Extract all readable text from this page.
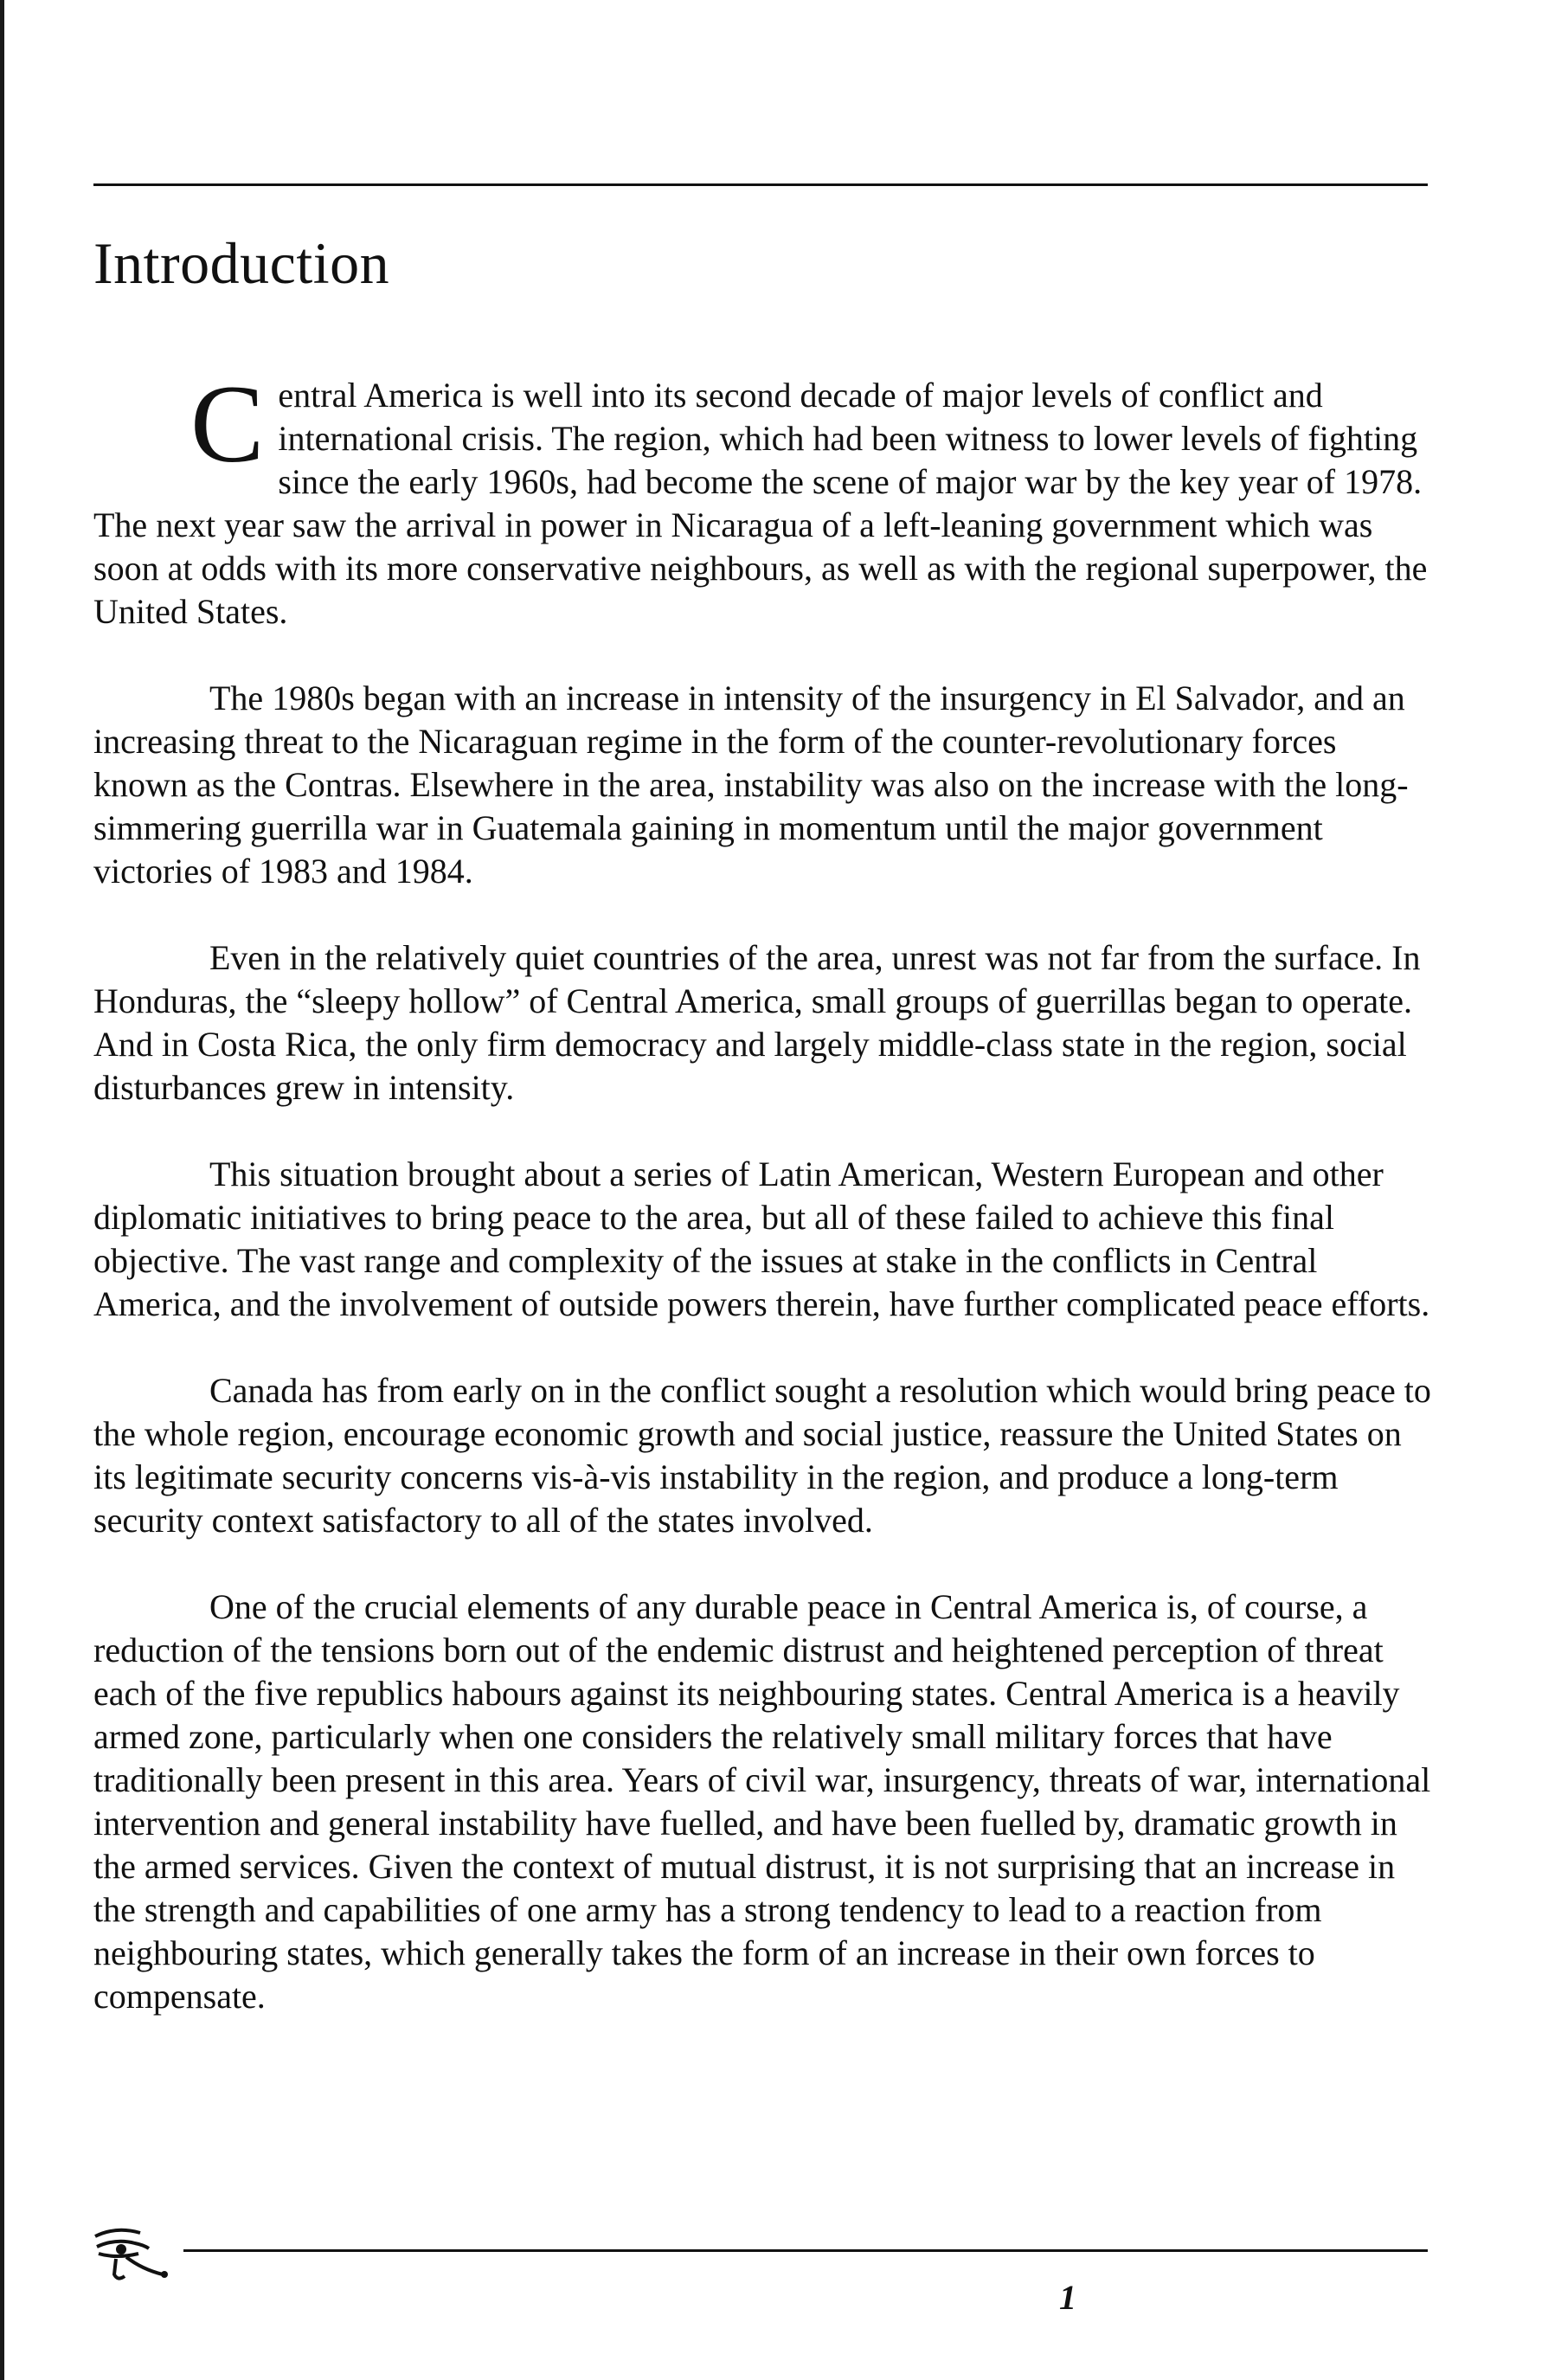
Introduction

Central America is well into its second decade of major levels of conflict and international crisis. The region, which had been witness to lower levels of fighting since the early 1960s, had become the scene of major war by the key year of 1978. The next year saw the arrival in power in Nicaragua of a left-leaning government which was soon at odds with its more conservative neighbours, as well as with the regional superpower, the United States.

The 1980s began with an increase in intensity of the insurgency in El Salvador, and an increasing threat to the Nicaraguan regime in the form of the counter-revolutionary forces known as the Contras. Elsewhere in the area, instability was also on the increase with the long-simmering guerrilla war in Guatemala gaining in momentum until the major government victories of 1983 and 1984.

Even in the relatively quiet countries of the area, unrest was not far from the surface. In Honduras, the “sleepy hollow” of Central America, small groups of guerrillas began to operate. And in Costa Rica, the only firm democracy and largely middle-class state in the region, social disturbances grew in intensity.

This situation brought about a series of Latin American, Western European and other diplomatic initiatives to bring peace to the area, but all of these failed to achieve this final objective. The vast range and complexity of the issues at stake in the conflicts in Central America, and the involvement of outside powers therein, have further complicated peace efforts.

Canada has from early on in the conflict sought a resolution which would bring peace to the whole region, encourage economic growth and social justice, reassure the United States on its legitimate security concerns vis-à-vis instability in the region, and produce a long-term security context satisfactory to all of the states involved.

One of the crucial elements of any durable peace in Central America is, of course, a reduction of the tensions born out of the endemic distrust and heightened perception of threat each of the five republics habours against its neighbouring states. Central America is a heavily armed zone, particularly when one considers the relatively small military forces that have traditionally been present in this area. Years of civil war, insurgency, threats of war, international intervention and general instability have fuelled, and have been fuelled by, dramatic growth in the armed services. Given the context of mutual distrust, it is not surprising that an increase in the strength and capabilities of one army has a strong tendency to lead to a reaction from neighbouring states, which generally takes the form of an increase in their own forces to compensate.

1
